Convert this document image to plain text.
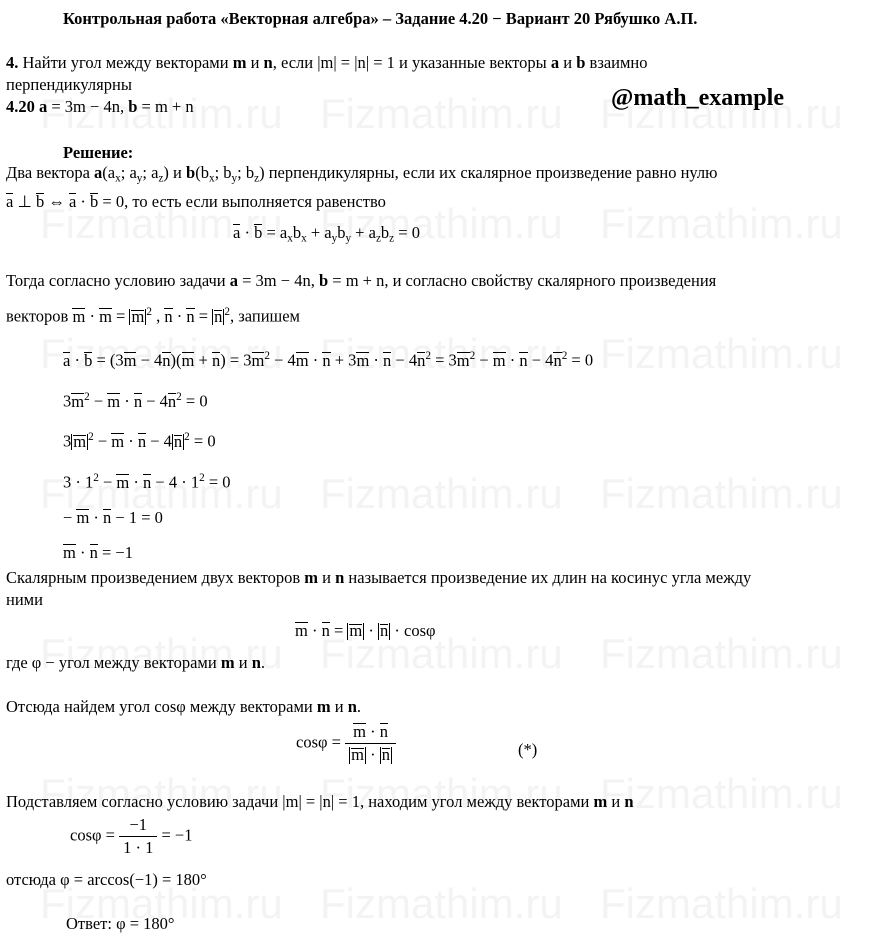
Контрольная работа «Векторная алгебра» – Задание 4.20 − Вариант 20 Рябушко А.П.
4. Найти угол между векторами m и n, если |m| = |n| = 1 и указанные векторы a и b взаимно
перпендикулярны
4.20 a = 3m − 4n, b = m + n	@math_example
Решение:
Два вектора $a(a_x$; $a_y$; $a_z$) и $b(b_x$; $b_y$; $b_z$) перпендикулярны, если их скалярное произведение равно нулю
a ⊥ b ⇔ a · b = 0, то есть если выполняется равенство
$a \cdot b = a_xb_x + a_yb_y + a_zb_z = 0$
Тогда согласно условию задачи a = 3m − 4n, b = m + n, и согласно свойству скалярного произведения
векторов m · m = m $^2$ , n · n = n $^2$, запишем
$a \cdot b = (3m - 4n)(m + n) = 3m^2 - 4m \cdot n + 3m \cdot n - 4n^2 = 3m^2 - m \cdot n - 4n^2 = 0$
$3m^2 - m \cdot n - 4n^2 = 0$
3 m $^2$ − m · n − 4 n $^2$ = 0
$3 \cdot 1^2 - m \cdot n - 4 \cdot 1^2 = 0$
− m · n − 1 = 0
m · n = −1
Скалярным произведением двух векторов m и n называется произведение их длин на косинус угла между
ними
m · n = m · n · cosφ
где φ − угол между векторами m и n.
Отсюда найдем угол cosφ между векторами m и n.
$\cos\varphi = \frac{m \cdot n}{m \cdot n}$	(*)
Подставляем согласно условию задачи |m| = |n| = 1, находим угол между векторами m и n
$\cos\varphi = \frac{-1}{1 \cdot 1} = -1$
отсюда φ = arccos(−1) = 180°
Ответ: φ = 180°
